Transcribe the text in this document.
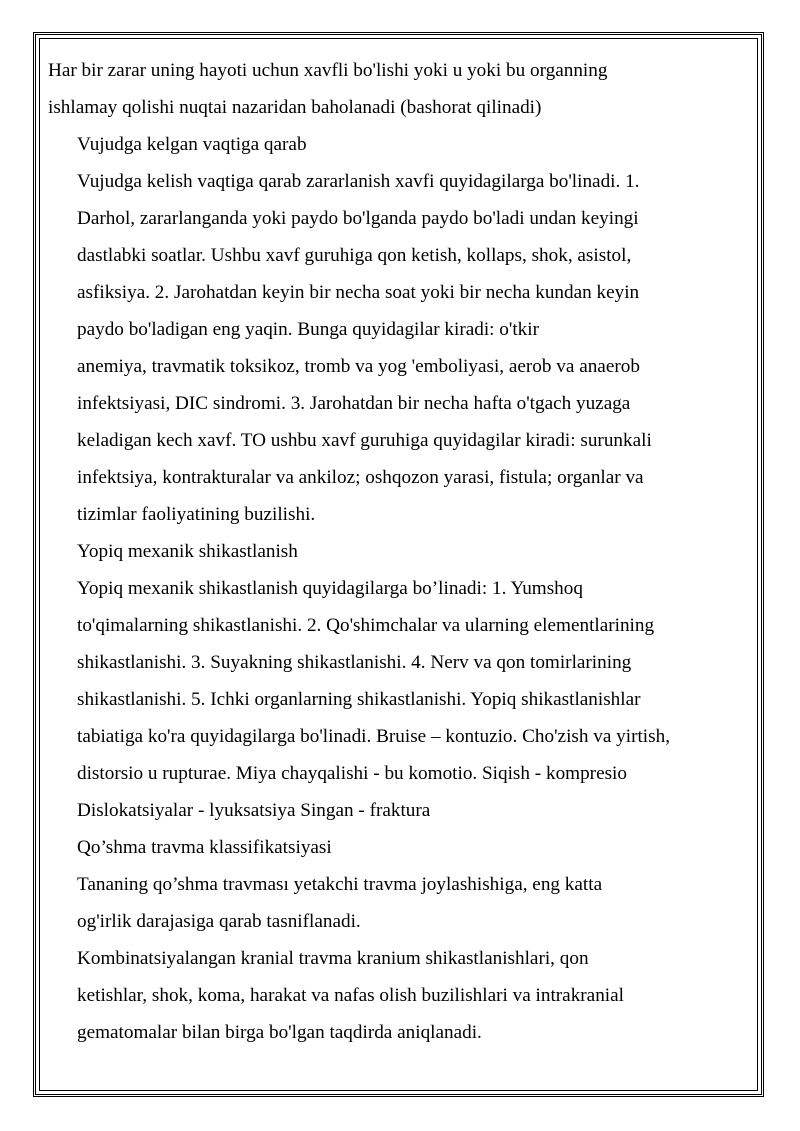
Har bir zarar uning hayoti uchun xavfli bo'lishi yoki u yoki bu organning
ishlamay qolishi nuqtai nazaridan baholanadi (bashorat qilinadi)

Vujudga kelgan vaqtiga qarab

Vujudga kelish vaqtiga qarab zararlanish xavfi quyidagilarga bo'linadi. 1.
Darhol, zararlanganda yoki paydo bo'lganda paydo bo'ladi undan keyingi
dastlabki soatlar. Ushbu xavf guruhiga qon ketish, kollaps, shok, asistol,
asfiksiya. 2. Jarohatdan keyin bir necha soat yoki bir necha kundan keyin
paydo bo'ladigan eng yaqin. Bunga quyidagilar kiradi: o'tkir
anemiya, travmatik toksikoz, tromb va yog 'emboliyasi, aerob va anaerob
infektsiyasi, DIC sindromi. 3. Jarohatdan bir necha hafta o'tgach yuzaga
keladigan kech xavf. TO ushbu xavf guruhiga quyidagilar kiradi: surunkali
infektsiya, kontrakturalar va ankiloz; oshqozon yarasi, fistula; organlar va
tizimlar faoliyatining buzilishi.

Yopiq mexanik shikastlanish

Yopiq mexanik shikastlanish quyidagilarga bo’linadi: 1. Yumshoq
to'qimalarning shikastlanishi. 2. Qo'shimchalar va ularning elementlarining
shikastlanishi. 3. Suyakning shikastlanishi. 4. Nerv va qon tomirlarining
shikastlanishi. 5. Ichki organlarning shikastlanishi. Yopiq shikastlanishlar
tabiatiga ko'ra quyidagilarga bo'linadi. Bruise – kontuzio. Cho'zish va yirtish,
distorsio u rupturae. Miya chayqalishi - bu komotio. Siqish - kompresio
Dislokatsiyalar - lyuksatsiya Singan - fraktura

Qo’shma travma klassifikatsiyasi

Tananing qo’shma travması yetakchi travma joylashishiga, eng katta
og'irlik darajasiga qarab tasniflanadi.

Kombinatsiyalangan kranial travma kranium shikastlanishlari, qon
ketishlar, shok, koma, harakat va nafas olish buzilishlari va intrakranial
gematomalar bilan birga bo'lgan taqdirda aniqlanadi.
